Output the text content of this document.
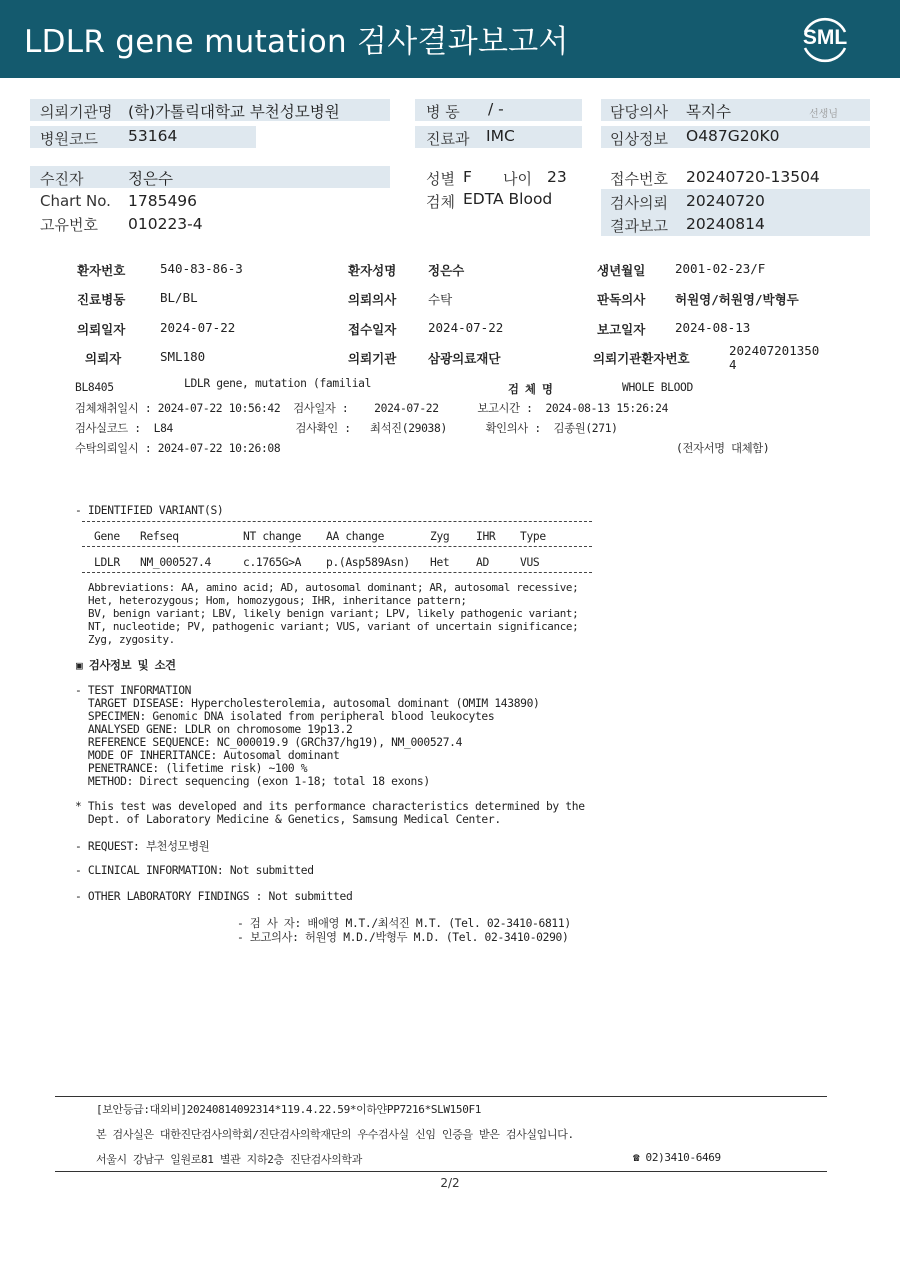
LDLR gene mutation 검사결과보고서	SML
의뢰기관명 (학)가톨릭대학교 부천성모병원
병원코드 53164
병 동 / -
진료과 IMC
담당의사 목지수	선생님
임상정보 O487G20K0
수진자	정은수
Chart No. 1785496
고유번호 010223-4
성별 F 나이 23
검체 EDTA Blood
접수번호 20240720-13504
검사의뢰 20240720
결과보고 20240814
환자번호	540-83-86-3	환자성명	정은수	생년월일 2001-02-23/F
진료병동	BL/BL	의뢰의사	수탁	판독의사 허원영/허원영/박형두
의뢰일자	2024-07-22	접수일자	2024-07-22	보고일자 2024-08-13
의뢰자	SML180	의뢰기관	삼광의료재단	의뢰기관환자번호
202407201350
4
BL8405	LDLR gene, mutation (familial	검 체 명	WHOLE BLOOD
검체채취일시 : 2024-07-22 10:56:42  검사일자 :    2024-07-22      보고시간 :  2024-08-13 15:26:24
검사실코드 :  L84                   검사확인 :   최석진(29038)      확인의사 :  김종원(271)
수탁의뢰일시 : 2024-07-22 10:26:08	(전자서명 대체함)
- IDENTIFIED VARIANT(S)
Gene Refseq	NT change AA change	Zyg IHR Type
LDLR NM_000527.4	c.1765G>A p.(Asp589Asn) Het AD	VUS
Abbreviations: AA, amino acid; AD, autosomal dominant; AR, autosomal recessive;
Het, heterozygous; Hom, homozygous; IHR, inheritance pattern;
BV, benign variant; LBV, likely benign variant; LPV, likely pathogenic variant;
NT, nucleotide; PV, pathogenic variant; VUS, variant of uncertain significance;
Zyg, zygosity.
▣ 검사정보 및 소견
- TEST INFORMATION
TARGET DISEASE: Hypercholesterolemia, autosomal dominant (OMIM 143890)
SPECIMEN: Genomic DNA isolated from peripheral blood leukocytes
ANALYSED GENE: LDLR on chromosome 19p13.2
REFERENCE SEQUENCE: NC_000019.9 (GRCh37/hg19), NM_000527.4
MODE OF INHERITANCE: Autosomal dominant
PENETRANCE: (lifetime risk) ~100 %
METHOD: Direct sequencing (exon 1-18; total 18 exons)
* This test was developed and its performance characteristics determined by the
Dept. of Laboratory Medicine & Genetics, Samsung Medical Center.
- REQUEST: 부천성모병원
- CLINICAL INFORMATION: Not submitted
- OTHER LABORATORY FINDINGS : Not submitted
- 검 사 자: 배애영 M.T./최석진 M.T. (Tel. 02-3410-6811)
- 보고의사: 허원영 M.D./박형두 M.D. (Tel. 02-3410-0290)
[보안등급:대외비]20240814092314*119.4.22.59*이하얀PP7216*SLW150F1
본 검사실은 대한진단검사의학회/진단검사의학재단의 우수검사실 신임 인증을 받은 검사실입니다.
서울시 강남구 일원로81 별관 지하2층 진단검사의학과	☎ 02)3410-6469
2/2
